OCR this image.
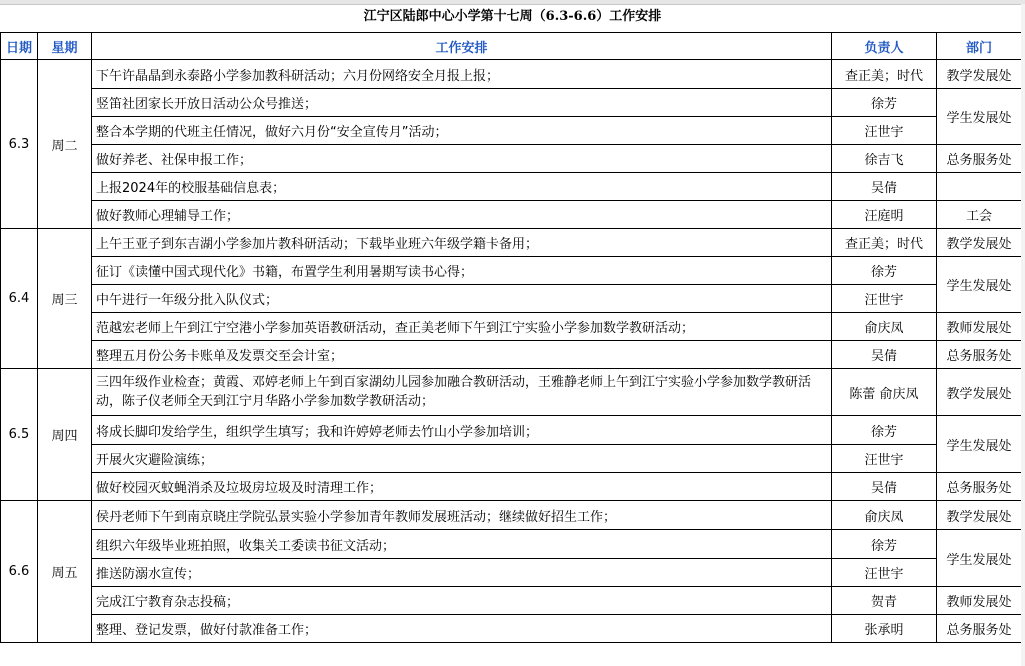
江宁区陆郎中心小学第十七周（6.3-6.6）工作安排
日期	星期	工作安排	负责人	部门
6.3	周二	下午许晶晶到永泰路小学参加教科研活动；六月份网络安全月报上报；	查正美；时代	教学发展处
		竖笛社团家长开放日活动公众号推送；	徐芳	学生发展处
		整合本学期的代班主任情况，做好六月份“安全宣传月”活动；	汪世宇	
		做好养老、社保申报工作；	徐吉飞	总务服务处
		上报2024年的校服基础信息表；	吴倩	
		做好教师心理辅导工作；	汪庭明	工会
6.4	周三	上午王亚子到东吉湖小学参加片教科研活动；下载毕业班六年级学籍卡备用；	查正美；时代	教学发展处
		征订《读懂中国式现代化》书籍，布置学生利用暑期写读书心得；	徐芳	学生发展处
		中午进行一年级分批入队仪式；	汪世宇	
		范越宏老师上午到江宁空港小学参加英语教研活动，查正美老师下午到江宁实验小学参加数学教研活动；	俞庆凤	教师发展处
		整理五月份公务卡账单及发票交至会计室；	吴倩	总务服务处
6.5	周四	三四年级作业检查；黄霞、邓婷老师上午到百家湖幼儿园参加融合教研活动，王雅静老师上午到江宁实验小学参加数学教研活动，陈子仪老师全天到江宁月华路小学参加数学教研活动；	陈蕾 俞庆凤	教学发展处
		将成长脚印发给学生，组织学生填写；我和许婷婷老师去竹山小学参加培训；	徐芳	学生发展处
		开展火灾避险演练；	汪世宇	
		做好校园灭蚊蝇消杀及垃圾房垃圾及时清理工作；	吴倩	总务服务处
6.6	周五	侯丹老师下午到南京晓庄学院弘景实验小学参加青年教师发展班活动；继续做好招生工作；	俞庆凤	教学发展处
		组织六年级毕业班拍照，收集关工委读书征文活动；	徐芳	学生发展处
		推送防溺水宣传；	汪世宇	
		完成江宁教育杂志投稿；	贺青	教师发展处
		整理、登记发票，做好付款准备工作；	张承明	总务服务处
